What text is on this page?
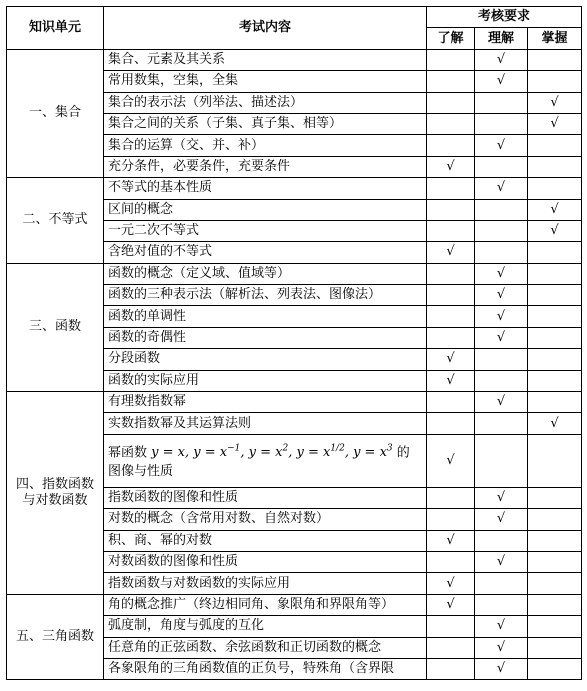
知识单元	考试内容	考核要求		
		了解	理解	掌握
一、集合	集合、元素及其关系		√	
	常用数集，空集，全集		√	
	集合的表示法（列举法、描述法）			√
	集合之间的关系（子集、真子集、相等）			√
	集合的运算（交、并、补）		√	
	充分条件，必要条件，充要条件	√		
二、不等式	不等式的基本性质		√	
	区间的概念			√
	一元二次不等式			√
	含绝对值的不等式	√		
三、函数	函数的概念（定义域、值域等）		√	
	函数的三种表示法（解析法、列表法、图像法）		√	
	函数的单调性		√	
	函数的奇偶性		√	
	分段函数	√		
	函数的实际应用	√		

四、指数函数
与对数函数	有理数指数幂		√	
	实数指数幂及其运算法则			√
	幂函数 y = x, $y = x^{-1}$, $y = x^2$, $y = x^{1/2}$, $y = x^3$ 的图像与性质	√		
	指数函数的图像和性质		√	
	对数的概念（含常用对数、自然对数）		√	
	积、商、幂的对数	√		
	对数函数的图像和性质		√	
	指数函数与对数函数的实际应用	√		
五、三角函数	角的概念推广（终边相同角、象限角和界限角等）	√		
	弧度制，角度与弧度的互化		√	
	任意角的正弦函数、余弦函数和正切函数的概念		√	
	各象限角的三角函数值的正负号，特殊角（含界限		√	
